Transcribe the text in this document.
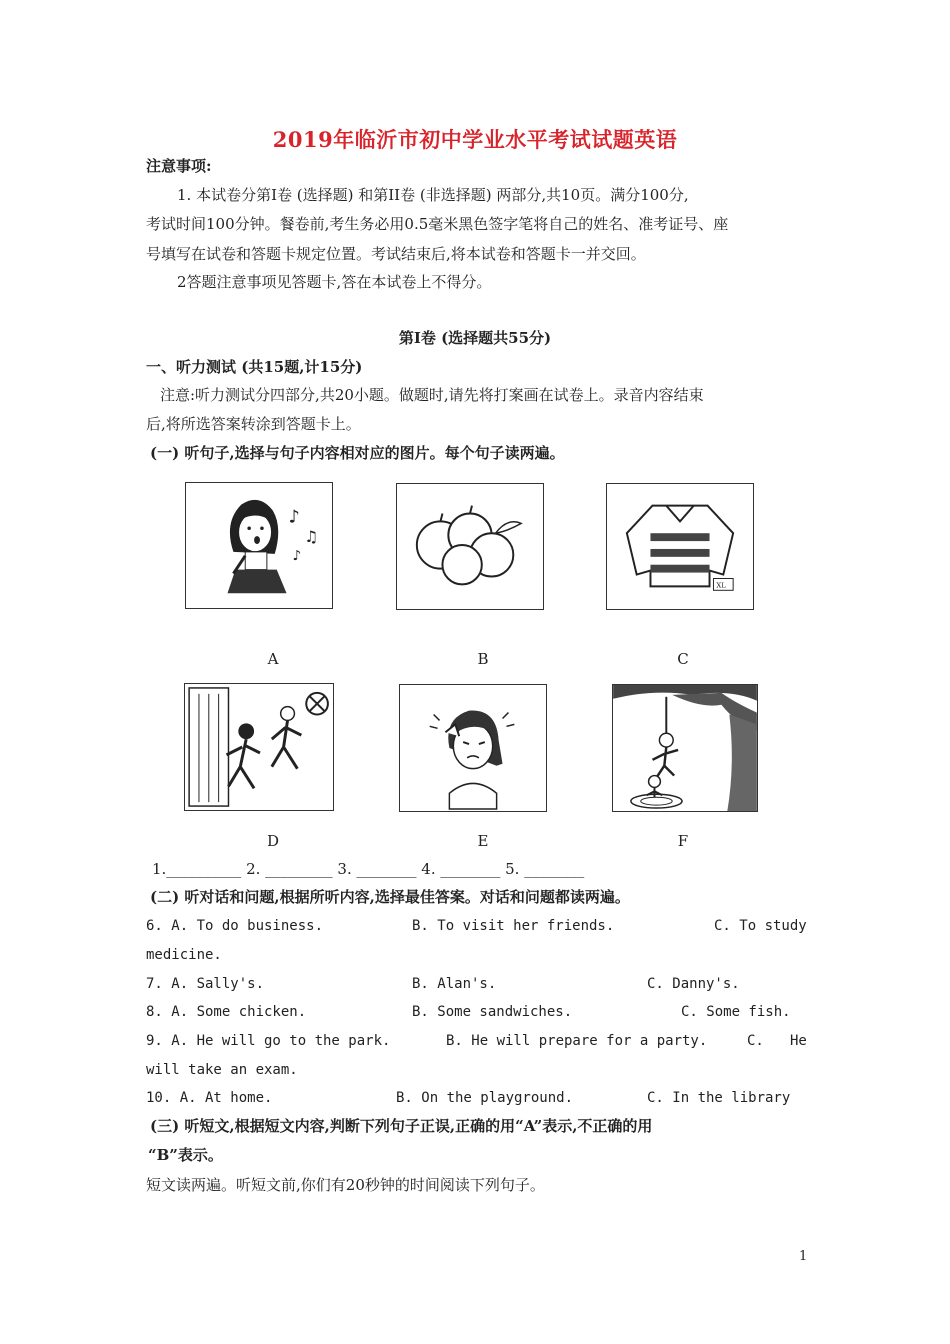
2019年临沂市初中学业水平考试试题英语
注意事项:
1. 本试卷分第Ⅰ卷 (选择题) 和第II卷 (非选择题) 两部分,共10页。满分100分,
考试时间100分钟。餐卷前,考生务必用0.5毫米黑色签字笔将自己的姓名、准考证号、座
号填写在试卷和答题卡规定位置。考试结束后,将本试卷和答题卡一并交回。
2答题注意事项见答题卡,答在本试卷上不得分。
第Ⅰ卷 (选择题共55分)
一、听力测试 (共15题,计15分)
注意:听力测试分四部分,共20小题。做题时,请先将打案画在试卷上。录音内容结束
后,将所选答案转涂到答题卡上。
(一) 听句子,选择与句子内容相对应的图片。每个句子读两遍。
♪
♫
♪
A	B
XL
C
D	E	F
1.__________ 2. _________ 3. ________ 4. ________ 5. ________
(二) 听对话和问题,根据所听内容,选择最佳答案。对话和问题都读两遍。
6. A. To do business.	B. To visit her friends.	C. To study
medicine.
7. A. Sally's.	B. Alan's.	C. Danny's.
8. A. Some chicken.	B. Some sandwiches.	C. Some fish.
9. A. He will go to the park.	B. He will prepare for a party.	C. He
will take an exam.
10. A. At home.	B. On the playground.	C. In the library
(三) 听短文,根据短文内容,判断下列句子正误,正确的用“A”表示,不正确的用
“B”表示。
短文读两遍。听短文前,你们有20秒钟的时间阅读下列句子。
1
